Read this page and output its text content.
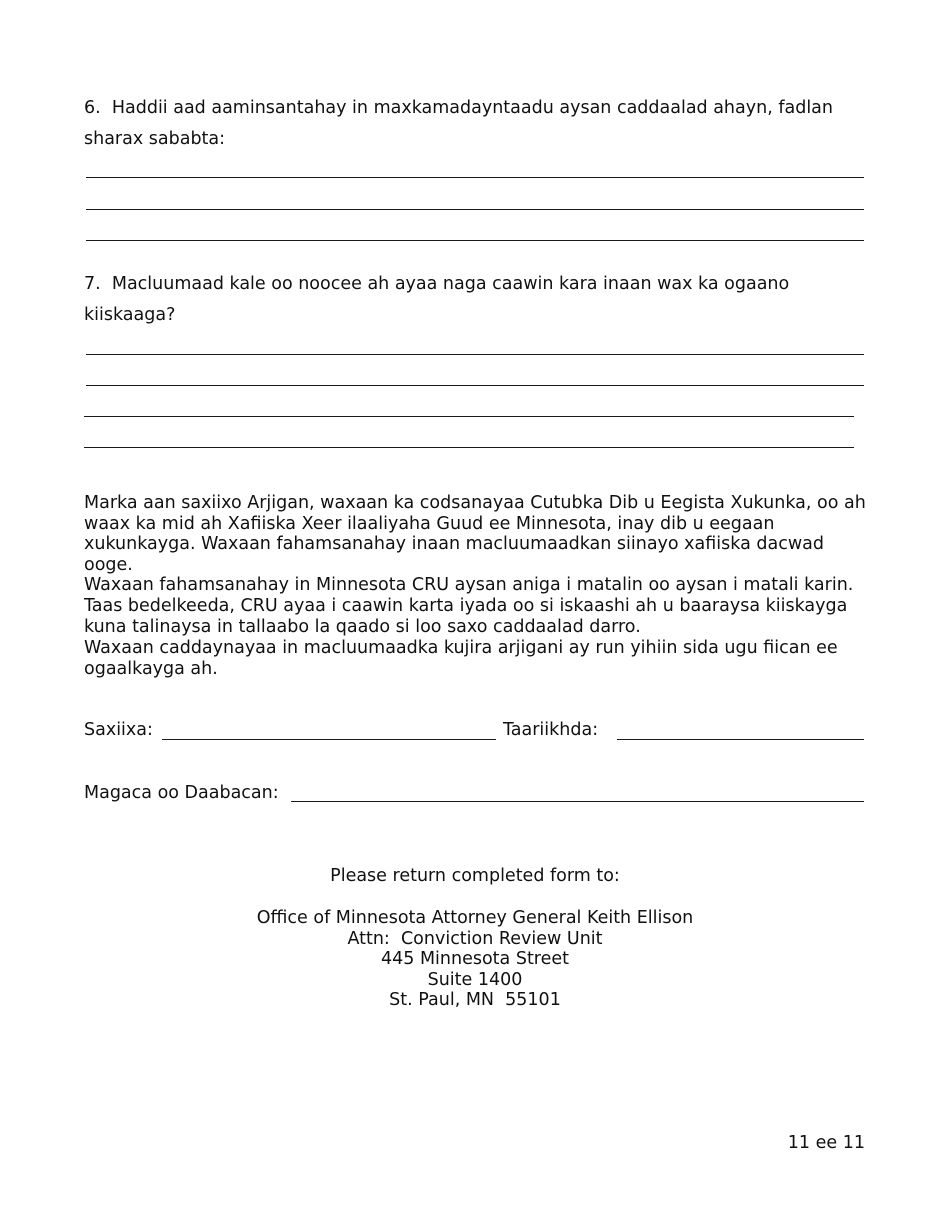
6. Haddii aad aaminsantahay in maxkamadayntaadu aysan caddaalad ahayn, fadlan
sharax sababta:
7. Macluumaad kale oo noocee ah ayaa naga caawin kara inaan wax ka ogaano
kiiskaaga?
Marka aan saxiixo Arjigan, waxaan ka codsanayaa Cutubka Dib u Eegista Xukunka, oo ah
waax ka mid ah Xafiiska Xeer ilaaliyaha Guud ee Minnesota, inay dib u eegaan
xukunkayga. Waxaan fahamsanahay inaan macluumaadkan siinayo xafiiska dacwad ooge.
Waxaan fahamsanahay in Minnesota CRU aysan aniga i matalin oo aysan i matali karin.
Taas bedelkeeda, CRU ayaa i caawin karta iyada oo si iskaashi ah u baaraysa kiiskayga
kuna talinaysa in tallaabo la qaado si loo saxo caddaalad darro.
Waxaan caddaynayaa in macluumaadka kujira arjigani ay run yihiin sida ugu fiican ee
ogaalkayga ah.
Saxiixa:	Taariikhda:
Magaca oo Daabacan:
Please return completed form to:
Office of Minnesota Attorney General Keith Ellison
Attn:  Conviction Review Unit
445 Minnesota Street
Suite 1400
St. Paul, MN  55101
11 ee 11
